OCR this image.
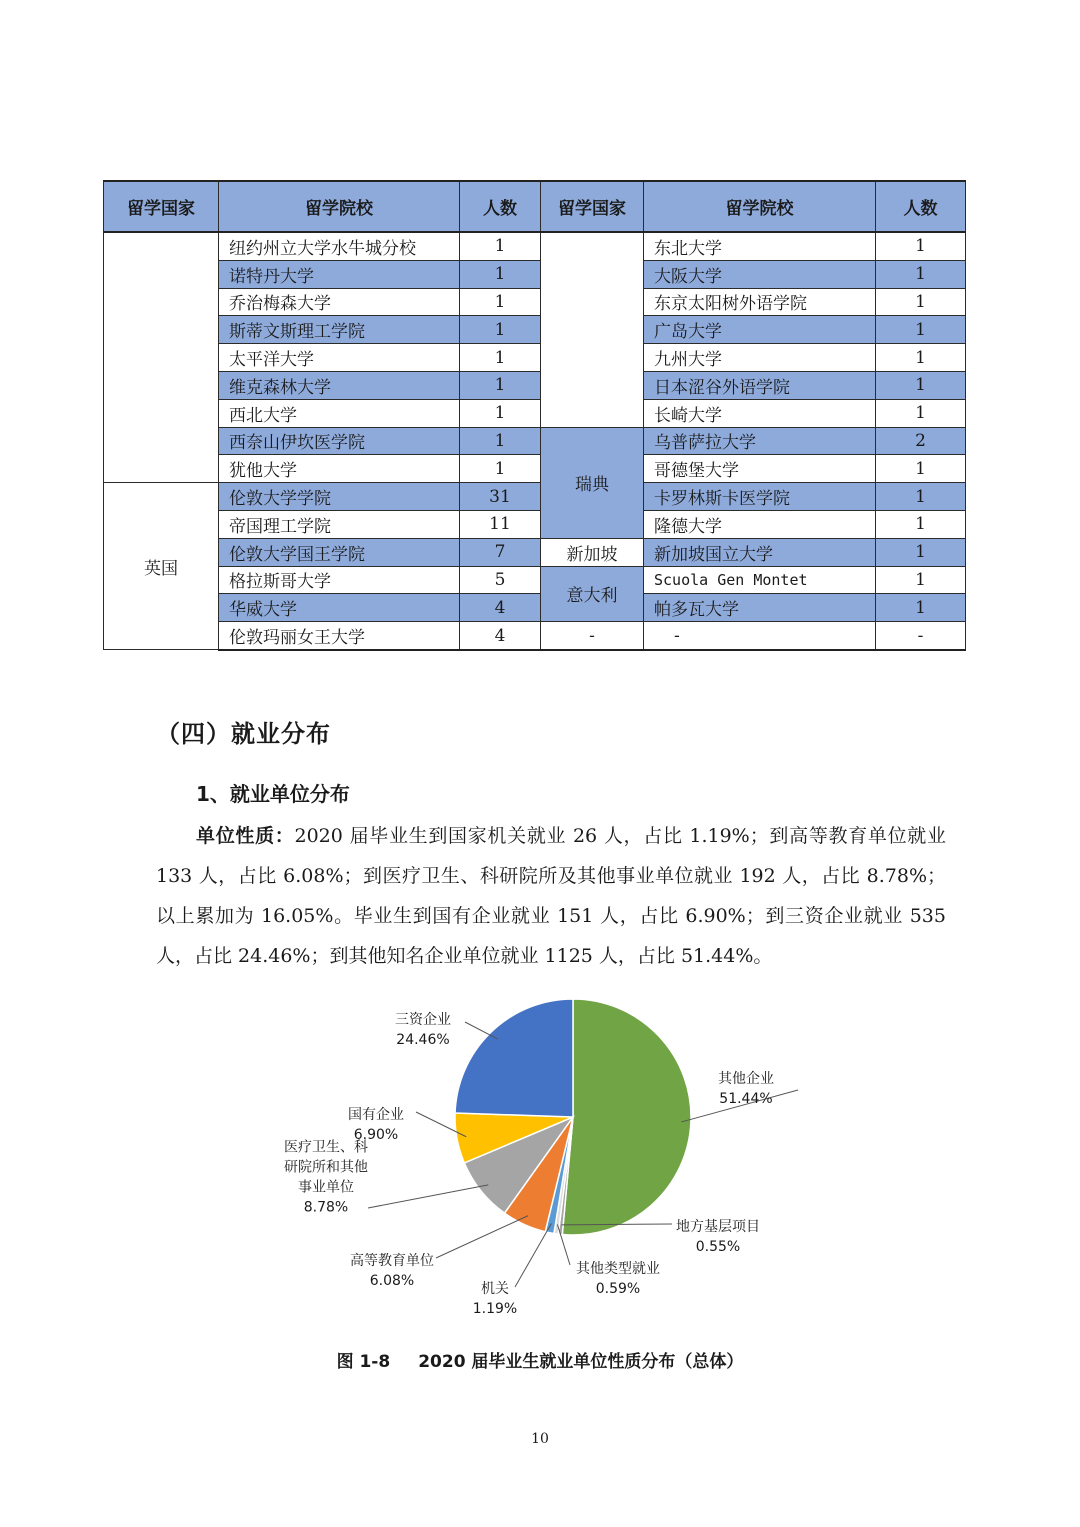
留学国家	留学院校	人数	留学国家	留学院校	人数
	纽约州立大学水牛城分校	1		东北大学	1
	诺特丹大学	1		大阪大学	1
	乔治梅森大学	1		东京太阳树外语学院	1
	斯蒂文斯理工学院	1		广岛大学	1
	太平洋大学	1		九州大学	1
	维克森林大学	1		日本涩谷外语学院	1
	西北大学	1		长崎大学	1
	西奈山伊坎医学院	1	瑞典	乌普萨拉大学	2
	犹他大学	1		哥德堡大学	1
英国	伦敦大学学院	31		卡罗林斯卡医学院	1
	帝国理工学院	11		隆德大学	1
	伦敦大学国王学院	7	新加坡	新加坡国立大学	1
	格拉斯哥大学	5	意大利	Scuola Gen Montet	1
	华威大学	4		帕多瓦大学	1
	伦敦玛丽女王大学	4	-	-	-
（四）就业分布
1、就业单位分布
单位性质：2020 届毕业生到国家机关就业 26 人，占比 1.19%；到高等教育单位就业 133 人，占比 6.08%；到医疗卫生、科研院所及其他事业单位就业 192 人，占比 8.78%；以上累加为 16.05%。毕业生到国有企业就业 151 人，占比 6.90%；到三资企业就业 535 人，占比 24.46%；到其他知名企业单位就业 1125 人，占比 51.44%。
其他企业 51.44%
地方基层项目 0.55%
其他类型就业 0.59%
机关 1.19%
高等教育单位 6.08%
医疗卫生、科研院所和其他事业单位 8.78%
国有企业 6.90%
三资企业 24.46%
图 1-8 2020 届毕业生就业单位性质分布（总体）
10
